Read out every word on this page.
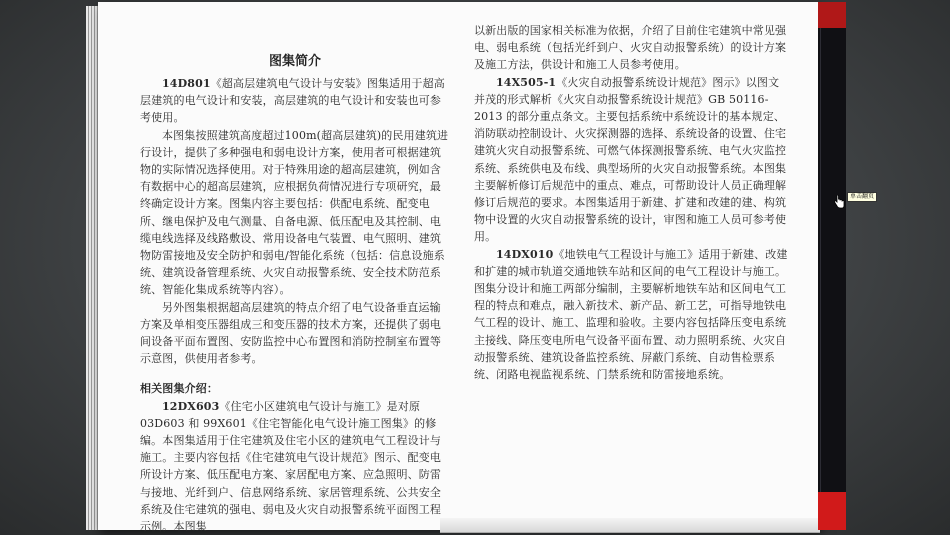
图集简介

14D801《超高层建筑电气设计与安装》图集适用于超高层建筑的电气设计和安装，高层建筑的电气设计和安装也可参考使用。

本图集按照建筑高度超过100m(超高层建筑)的民用建筑进行设计，提供了多种强电和弱电设计方案，使用者可根据建筑物的实际情况选择使用。对于特殊用途的超高层建筑，例如含有数据中心的超高层建筑，应根据负荷情况进行专项研究，最终确定设计方案。图集内容主要包括：供配电系统、配变电所、继电保护及电气测量、自备电源、低压配电及其控制、电缆电线选择及线路敷设、常用设备电气装置、电气照明、建筑物防雷接地及安全防护和弱电/智能化系统（包括：信息设施系统、建筑设备管理系统、火灾自动报警系统、安全技术防范系统、智能化集成系统等内容）。

另外图集根据超高层建筑的特点介绍了电气设备垂直运输方案及单相变压器组成三和变压器的技术方案，还提供了弱电间设备平面布置图、安防监控中心布置图和消防控制室布置等示意图，供使用者参考。

相关图集介绍：

12DX603《住宅小区建筑电气设计与施工》是对原 03D603 和 99X601《住宅智能化电气设计施工图集》的修编。本图集适用于住宅建筑及住宅小区的建筑电气工程设计与施工。主要内容包括《住宅建筑电气设计规范》图示、配变电所设计方案、低压配电方案、家居配电方案、应急照明、防雷与接地、光纤到户、信息网络系统、家居管理系统、公共安全系统及住宅建筑的强电、弱电及火灾自动报警系统平面图工程示例。本图集

以新出版的国家相关标准为依据，介绍了目前住宅建筑中常见强电、弱电系统（包括光纤到户、火灾自动报警系统）的设计方案及施工方法，供设计和施工人员参考使用。

14X505-1《火灾自动报警系统设计规范》图示》以图文并茂的形式解析《火灾自动报警系统设计规范》GB 50116-2013 的部分重点条文。主要包括系统中系统设计的基本规定、消防联动控制设计、火灾探测器的选择、系统设备的设置、住宅建筑火灾自动报警系统、可燃气体探测报警系统、电气火灾监控系统、系统供电及布线、典型场所的火灾自动报警系统。本图集主要解析修订后规范中的重点、难点，可帮助设计人员正确理解修订后规范的要求。本图集适用于新建、扩建和改建的建、构筑物中设置的火灾自动报警系统的设计，审图和施工人员可参考使用。

14DX010《地铁电气工程设计与施工》适用于新建、改建和扩建的城市轨道交通地铁车站和区间的电气工程设计与施工。图集分设计和施工两部分编制，主要解析地铁车站和区间电气工程的特点和难点，融入新技术、新产品、新工艺，可指导地铁电气工程的设计、施工、监理和验收。主要内容包括降压变电系统主接线、降压变电所电气设备平面布置、动力照明系统、火灾自动报警系统、建筑设备监控系统、屏蔽门系统、自动售检票系统、闭路电视监视系统、门禁系统和防雷接地系统。

单击翻页
